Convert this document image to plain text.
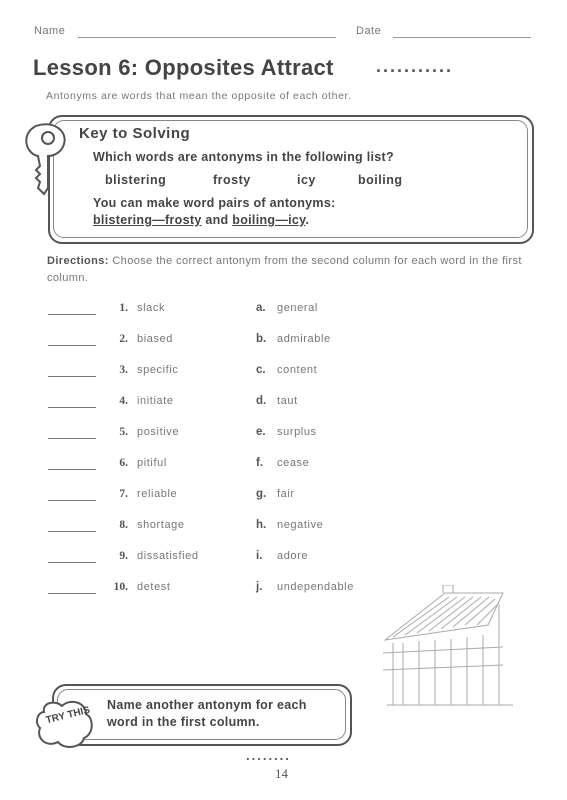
Name	Date
Lesson 6: Opposites Attract ...........
Antonyms are words that mean the opposite of each other.
Key to Solving
Which words are antonyms in the following list?
blistering	frosty	icy	boiling
You can make word pairs of antonyms:
blistering—frosty and boiling—icy.
Directions: Choose the correct antonym from the second column for each word in the first column.
1. slack	a. general
2. biased	b. admirable
3. specific	c. content
4. initiate	d. taut
5. positive	e. surplus
6. pitiful	f. cease
7. reliable	g. fair
8. shortage	h. negative
9. dissatisfied	i. adore
10. detest	j. undependable
TRY THIS Name another antonym for each
word in the first column.
........
14
